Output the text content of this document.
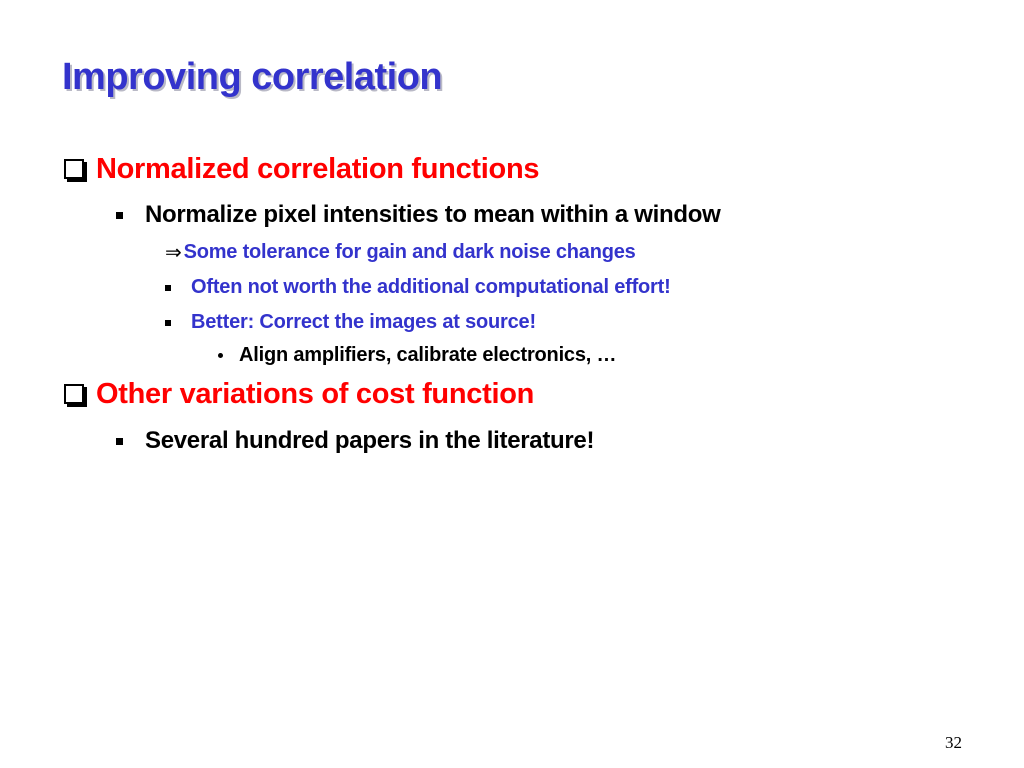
Improving correlation
Normalized correlation functions
Normalize pixel intensities to mean within a window
⇒ Some tolerance for gain and dark noise changes
Often not worth the additional computational effort!
Better: Correct the images at source!
Align amplifiers, calibrate electronics, …
Other variations of cost function
Several hundred papers in the literature!
32
